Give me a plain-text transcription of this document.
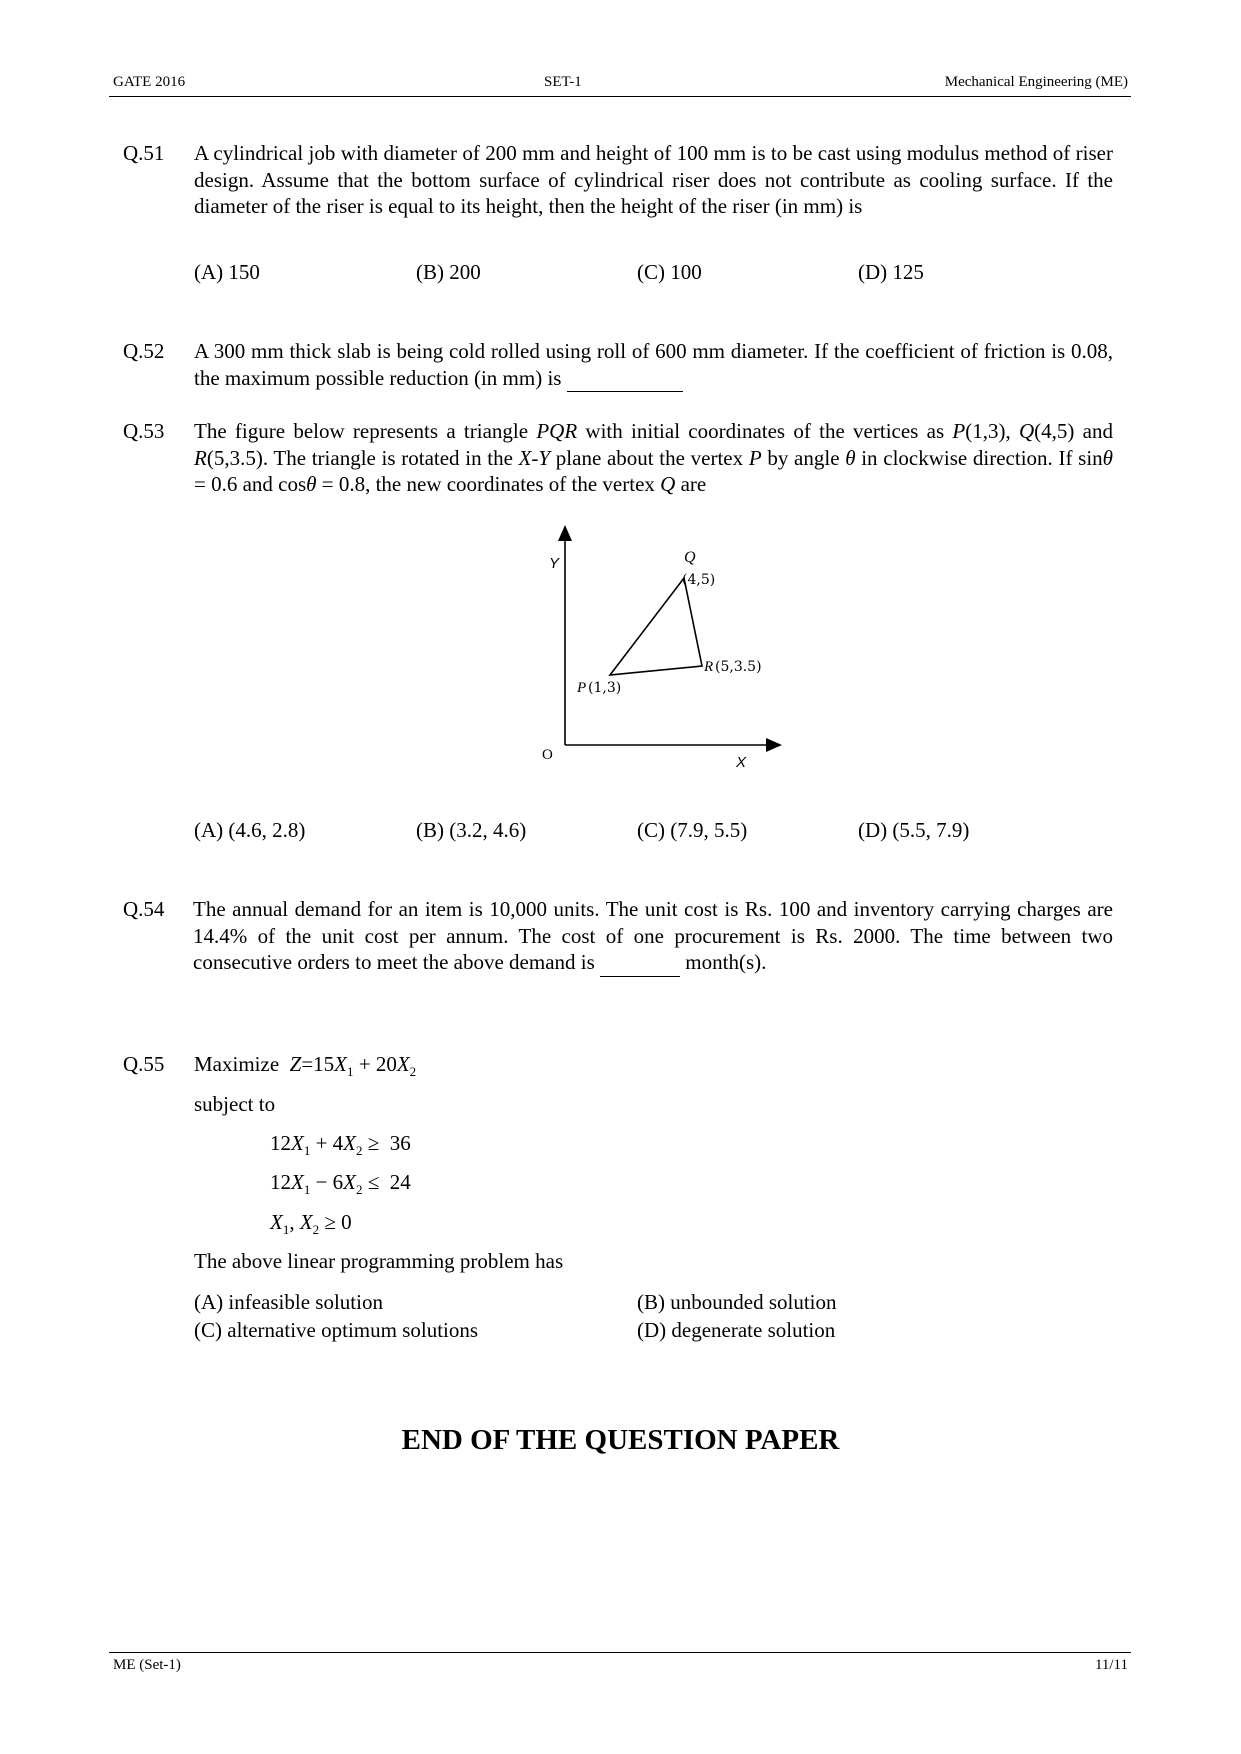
GATE 2016	SET-1	Mechanical Engineering (ME)
Q.51 A cylindrical job with diameter of 200 mm and height of 100 mm is to be cast using modulus method of riser design. Assume that the bottom surface of cylindrical riser does not contribute as cooling surface. If the diameter of the riser is equal to its height, then the height of the riser (in mm) is
(A) 150	(B) 200	(C) 100	(D) 125
Q.52 A 300 mm thick slab is being cold rolled using roll of 600 mm diameter. If the coefficient of friction is 0.08, the maximum possible reduction (in mm) is
Q.53 The figure below represents a triangle PQR with initial coordinates of the vertices as P(1,3), Q(4,5) and R(5,3.5). The triangle is rotated in the X-Y plane about the vertex P by angle θ in clockwise direction. If sinθ = 0.6 and cosθ = 0.8, the new coordinates of the vertex Q are
Y
X
O
Q
(4,5)
R (5,3.5)
P (1,3)
(A) (4.6, 2.8)	(B) (3.2, 4.6)	(C) (7.9, 5.5)	(D) (5.5, 7.9)
Q.54 The annual demand for an item is 10,000 units. The unit cost is Rs. 100 and inventory carrying charges are 14.4% of the unit cost per annum. The cost of one procurement is Rs. 2000. The time between two consecutive orders to meet the above demand is	month(s).
Q.55 Maximize $Z=15X_1 + 20X_2$
subject to
$12X_1 + 4X_2 \ge 36$
$12X_1 - 6X_2 \le 24$
$X_1$, $X_2 \ge 0$
The above linear programming problem has
(A) infeasible solution	(B) unbounded solution
(C) alternative optimum solutions	(D) degenerate solution
END OF THE QUESTION PAPER
ME (Set-1)	11/11
